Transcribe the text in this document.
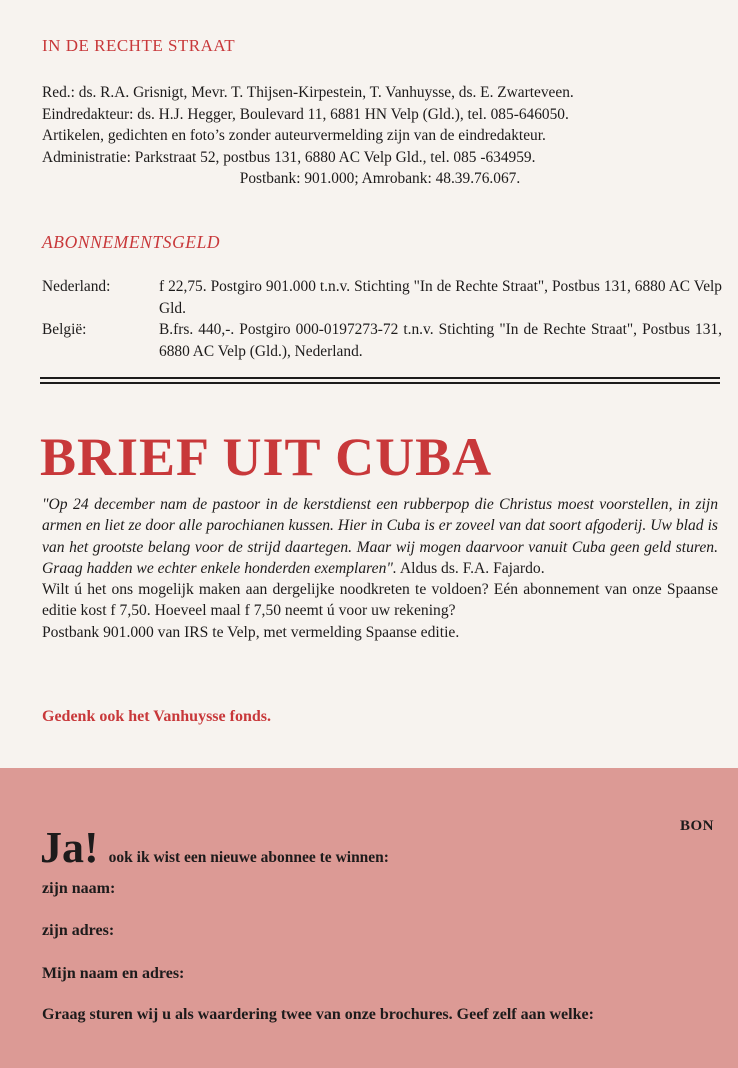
IN DE RECHTE STRAAT
Red.: ds. R.A. Grisnigt, Mevr. T. Thijsen-Kirpestein, T. Vanhuysse, ds. E. Zwarteveen.
Eindredakteur: ds. H.J. Hegger, Boulevard 11, 6881 HN Velp (Gld.), tel. 085-646050.
Artikelen, gedichten en foto’s zonder auteurvermelding zijn van de eindredakteur.
Administratie: Parkstraat 52, postbus 131, 6880 AC Velp Gld., tel. 085 -634959.
Postbank: 901.000; Amrobank: 48.39.76.067.
ABONNEMENTSGELD
Nederland:	f 22,75. Postgiro 901.000 t.n.v. Stichting "In de Rechte Straat", Postbus 131, 6880 AC Velp Gld.
België:	B.frs. 440,-. Postgiro 000-0197273-72 t.n.v. Stichting "In de Rechte Straat", Postbus 131, 6880 AC Velp (Gld.), Nederland.
BRIEF UIT CUBA
"Op 24 december nam de pastoor in de kerstdienst een rubberpop die Christus moest voorstellen, in zijn armen en liet ze door alle parochianen kussen. Hier in Cuba is er zoveel van dat soort afgoderij. Uw blad is van het grootste belang voor de strijd daartegen. Maar wij mogen daarvoor vanuit Cuba geen geld sturen. Graag hadden we echter enkele honderden exemplaren". Aldus ds. F.A. Fajardo.
Wilt ú het ons mogelijk maken aan dergelijke noodkreten te voldoen? Eén abonnement van onze Spaanse editie kost f 7,50. Hoeveel maal f 7,50 neemt ú voor uw rekening?
Postbank 901.000 van IRS te Velp, met vermelding Spaanse editie.
Gedenk ook het Vanhuysse fonds.
BON
Ja! ook ik wist een nieuwe abonnee te winnen:
zijn naam:
zijn adres:
Mijn naam en adres:
Graag sturen wij u als waardering twee van onze brochures. Geef zelf aan welke:
